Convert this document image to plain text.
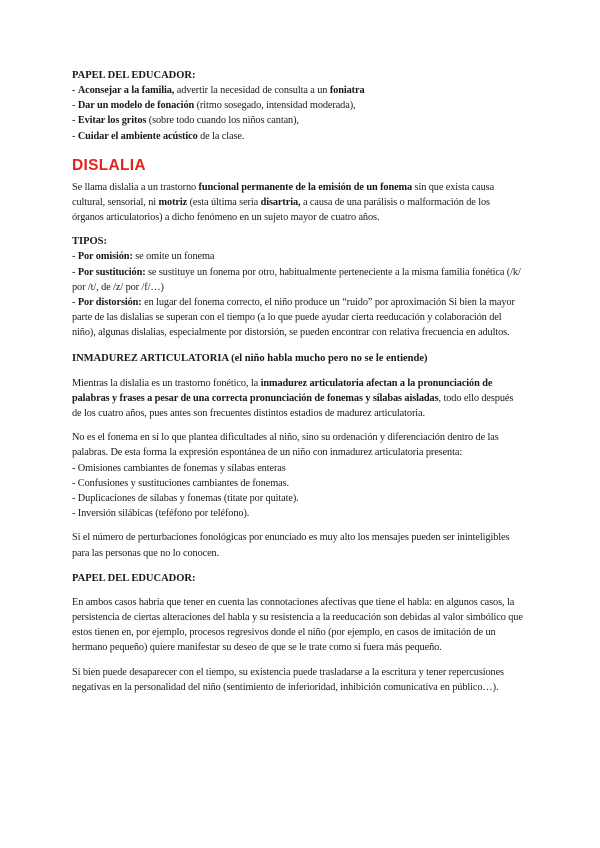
PAPEL DEL EDUCADOR:

- Aconsejar a la familia, advertir la necesidad de consulta a un foniatra

- Dar un modelo de fonación (ritmo sosegado, intensidad moderada),

- Evitar los gritos (sobre todo cuando los niños cantan),

- Cuidar el ambiente acústico de la clase.

DISLALIA

Se llama dislalia a un trastorno funcional permanente de la emisión de un fonema sin que exista causa cultural, sensorial, ni motriz (esta última sería disartria, a causa de una parálisis o malformación de los órganos articulatorios) a dicho fenómeno en un sujeto mayor de cuatro años.

TIPOS:

- Por omisión: se omite un fonema

- Por sustitución: se sustituye un fonema por otro, habitualmente perteneciente a la misma familia fonética (/k/ por /t/, de /z/ por /f/…)

- Por distorsión: en lugar del fonema correcto, el niño produce un “ruido” por aproximación Si bien la mayor parte de las dislalias se superan con el tiempo (a lo que puede ayudar cierta reeducación y colaboración del niño), algunas dislalias, especialmente por distorsión, se pueden encontrar con relativa frecuencia en adultos.

INMADUREZ ARTICULATORIA (el niño habla mucho pero no se le entiende)

Mientras la dislalia es un trastorno fonético, la inmadurez articulatoria afectan a la pronunciación de palabras y frases a pesar de una correcta pronunciación de fonemas y sílabas aisladas, todo ello después de los cuatro años, pues antes son frecuentes distintos estadios de madurez articulatoria.

No es el fonema en sí lo que plantea dificultades al niño, sino su ordenación y diferenciación dentro de las palabras. De esta forma la expresión espontánea de un niño con inmadurez articulatoria presenta:

- Omisiones cambiantes de fonemas y sílabas enteras

- Confusiones y sustituciones cambiantes de fonemas.

- Duplicaciones de sílabas y fonemas (titate por quitate).

- Inversión silábicas (teféfono por teléfono).

Si el número de perturbaciones fonológicas por enunciado es muy alto los mensajes pueden ser ininteligibles para las personas que no lo conocen.

PAPEL DEL EDUCADOR:

En ambos casos habría que tener en cuenta las connotaciones afectivas que tiene el habla: en algunos casos, la persistencia de ciertas alteraciones del habla y su resistencia a la reeducación son debidas al valor simbólico que estos tienen en, por ejemplo, procesos regresivos donde el niño (por ejemplo, en casos de imitación de un hermano pequeño) quiere manifestar su deseo de que se le trate como si fuera más pequeño.

Si bien puede desaparecer con el tiempo, su existencia puede trasladarse a la escritura y tener repercusiones negativas en la personalidad del niño (sentimiento de inferioridad, inhibición comunicativa en público…).
